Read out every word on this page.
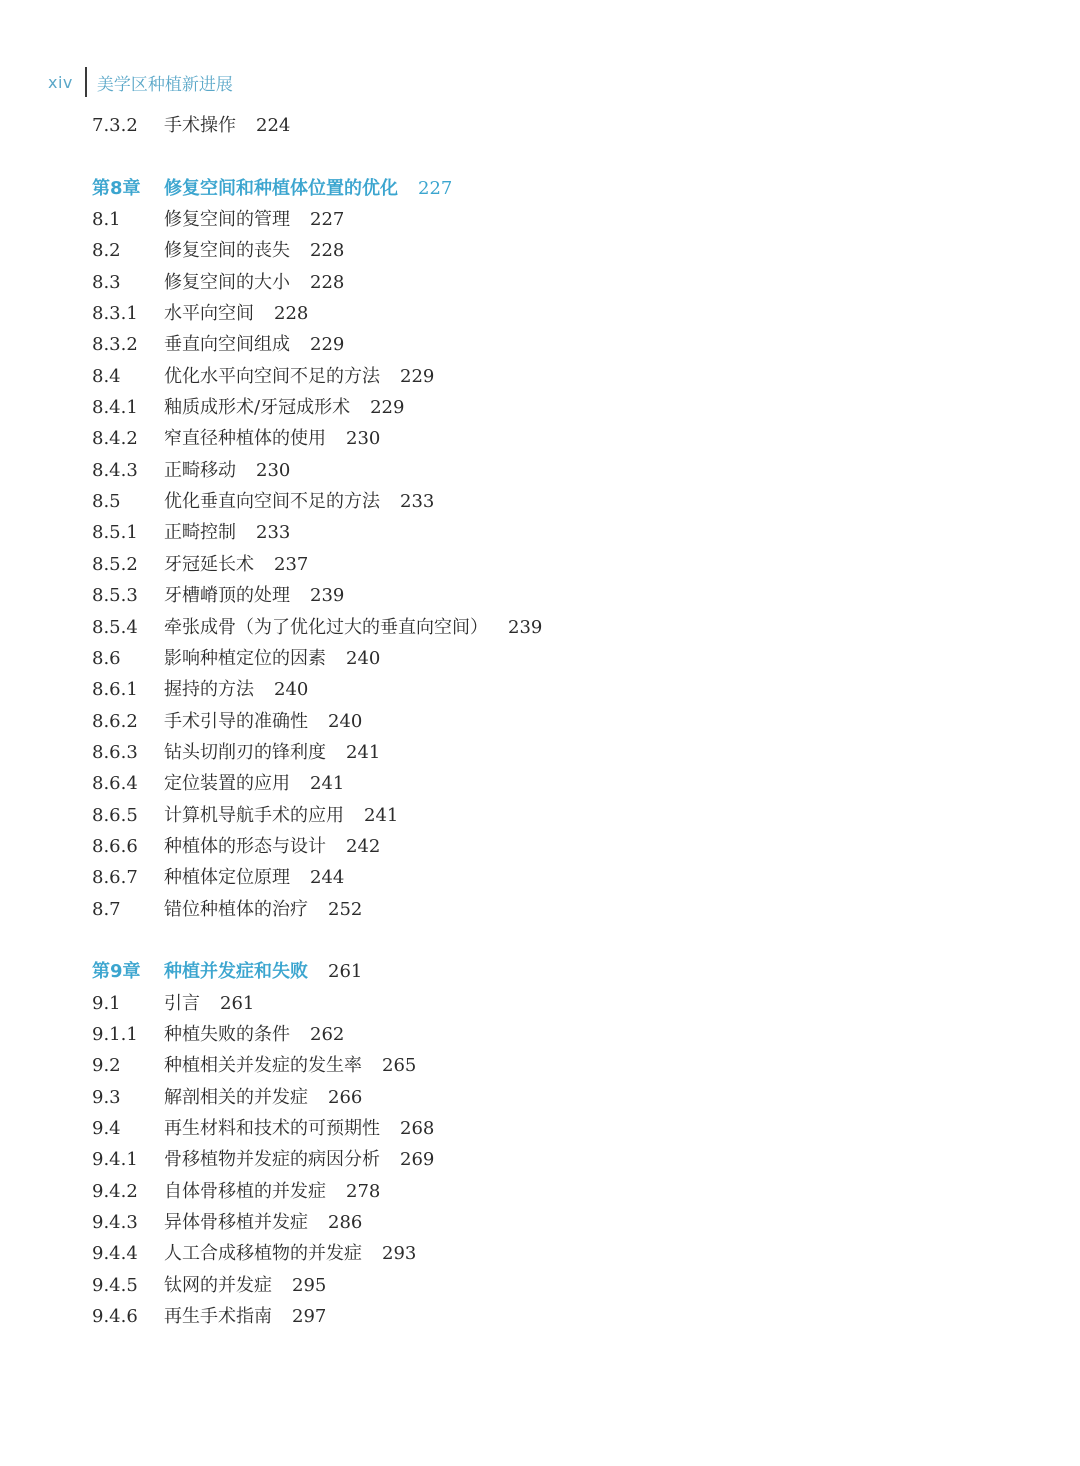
xiv 美学区种植新进展
7.3.2 手术操作 224
第8章 修复空间和种植体位置的优化 227
8.1 修复空间的管理 227
8.2 修复空间的丧失 228
8.3 修复空间的大小 228
8.3.1 水平向空间 228
8.3.2 垂直向空间组成 229
8.4 优化水平向空间不足的方法 229
8.4.1 釉质成形术/牙冠成形术 229
8.4.2 窄直径种植体的使用 230
8.4.3 正畸移动 230
8.5 优化垂直向空间不足的方法 233
8.5.1 正畸控制 233
8.5.2 牙冠延长术 237
8.5.3 牙槽嵴顶的处理 239
8.5.4 牵张成骨（为了优化过大的垂直向空间） 239
8.6 影响种植定位的因素 240
8.6.1 握持的方法 240
8.6.2 手术引导的准确性 240
8.6.3 钻头切削刃的锋利度 241
8.6.4 定位装置的应用 241
8.6.5 计算机导航手术的应用 241
8.6.6 种植体的形态与设计 242
8.6.7 种植体定位原理 244
8.7 错位种植体的治疗 252
第9章 种植并发症和失败 261
9.1 引言 261
9.1.1 种植失败的条件 262
9.2 种植相关并发症的发生率 265
9.3 解剖相关的并发症 266
9.4 再生材料和技术的可预期性 268
9.4.1 骨移植物并发症的病因分析 269
9.4.2 自体骨移植的并发症 278
9.4.3 异体骨移植并发症 286
9.4.4 人工合成移植物的并发症 293
9.4.5 钛网的并发症 295
9.4.6 再生手术指南 297
